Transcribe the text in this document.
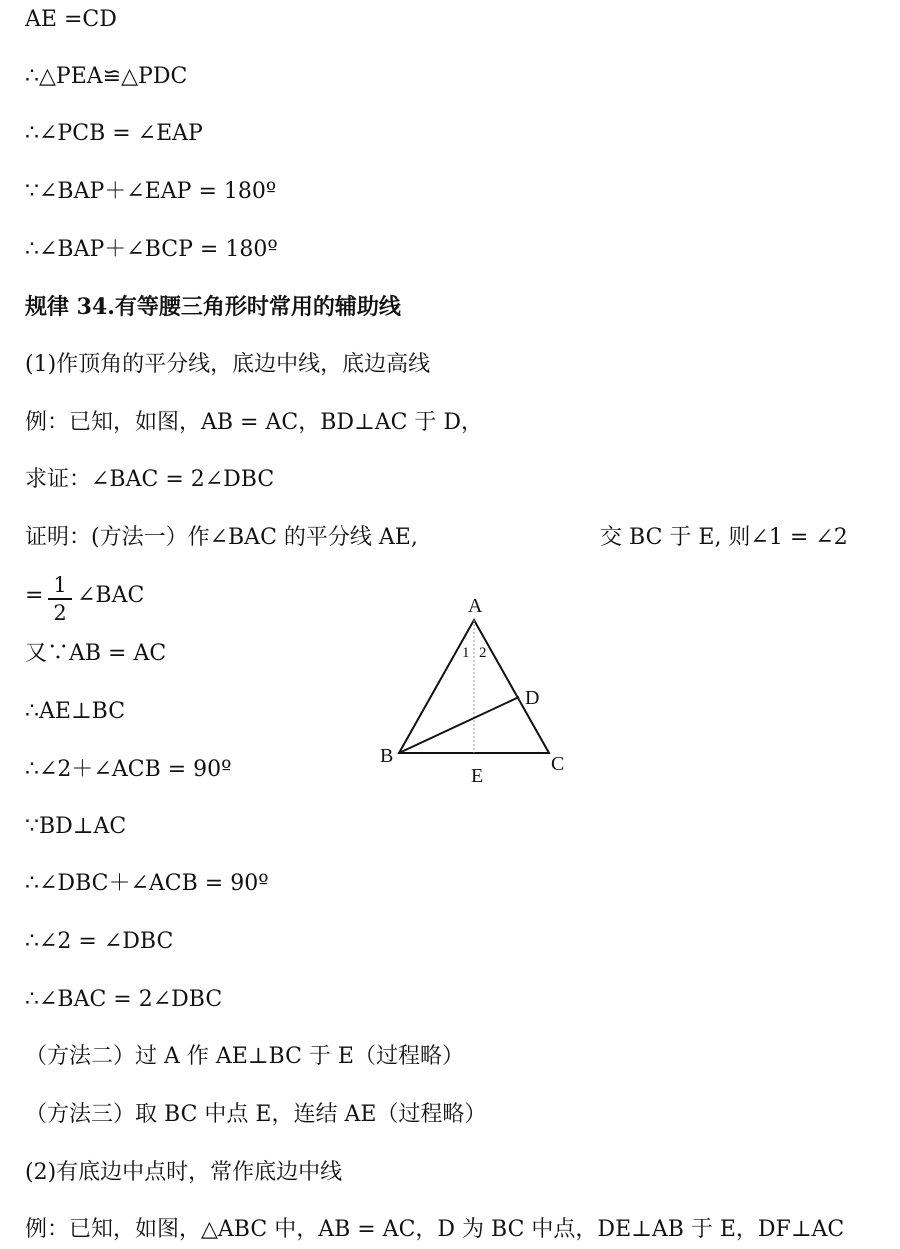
AE =CD
∴△PEA≌△PDC
∴∠PCB = ∠EAP
∵∠BAP＋∠EAP = 180º
∴∠BAP＋∠BCP = 180º
规律 34.有等腰三角形时常用的辅助线
(1)作顶角的平分线，底边中线，底边高线
例：已知，如图，AB = AC，BD⊥AC 于 D，
求证：∠BAC = 2∠DBC
证明：(方法一）作∠BAC 的平分线 AE,	交 BC 于 E, 则∠1 = ∠2
= 1
2
∠BAC
又∵AB = AC
∴AE⊥BC
∴∠2＋∠ACB = 90º
∵BD⊥AC
∴∠DBC＋∠ACB = 90º
∴∠2 = ∠DBC
∴∠BAC = 2∠DBC
（方法二）过 A 作 AE⊥BC 于 E（过程略）
（方法三）取 BC 中点 E，连结 AE（过程略）
(2)有底边中点时，常作底边中线
例：已知，如图，△ABC 中，AB = AC，D 为 BC 中点，DE⊥AB 于 E，DF⊥AC
A
B	C
D
E
1 2
